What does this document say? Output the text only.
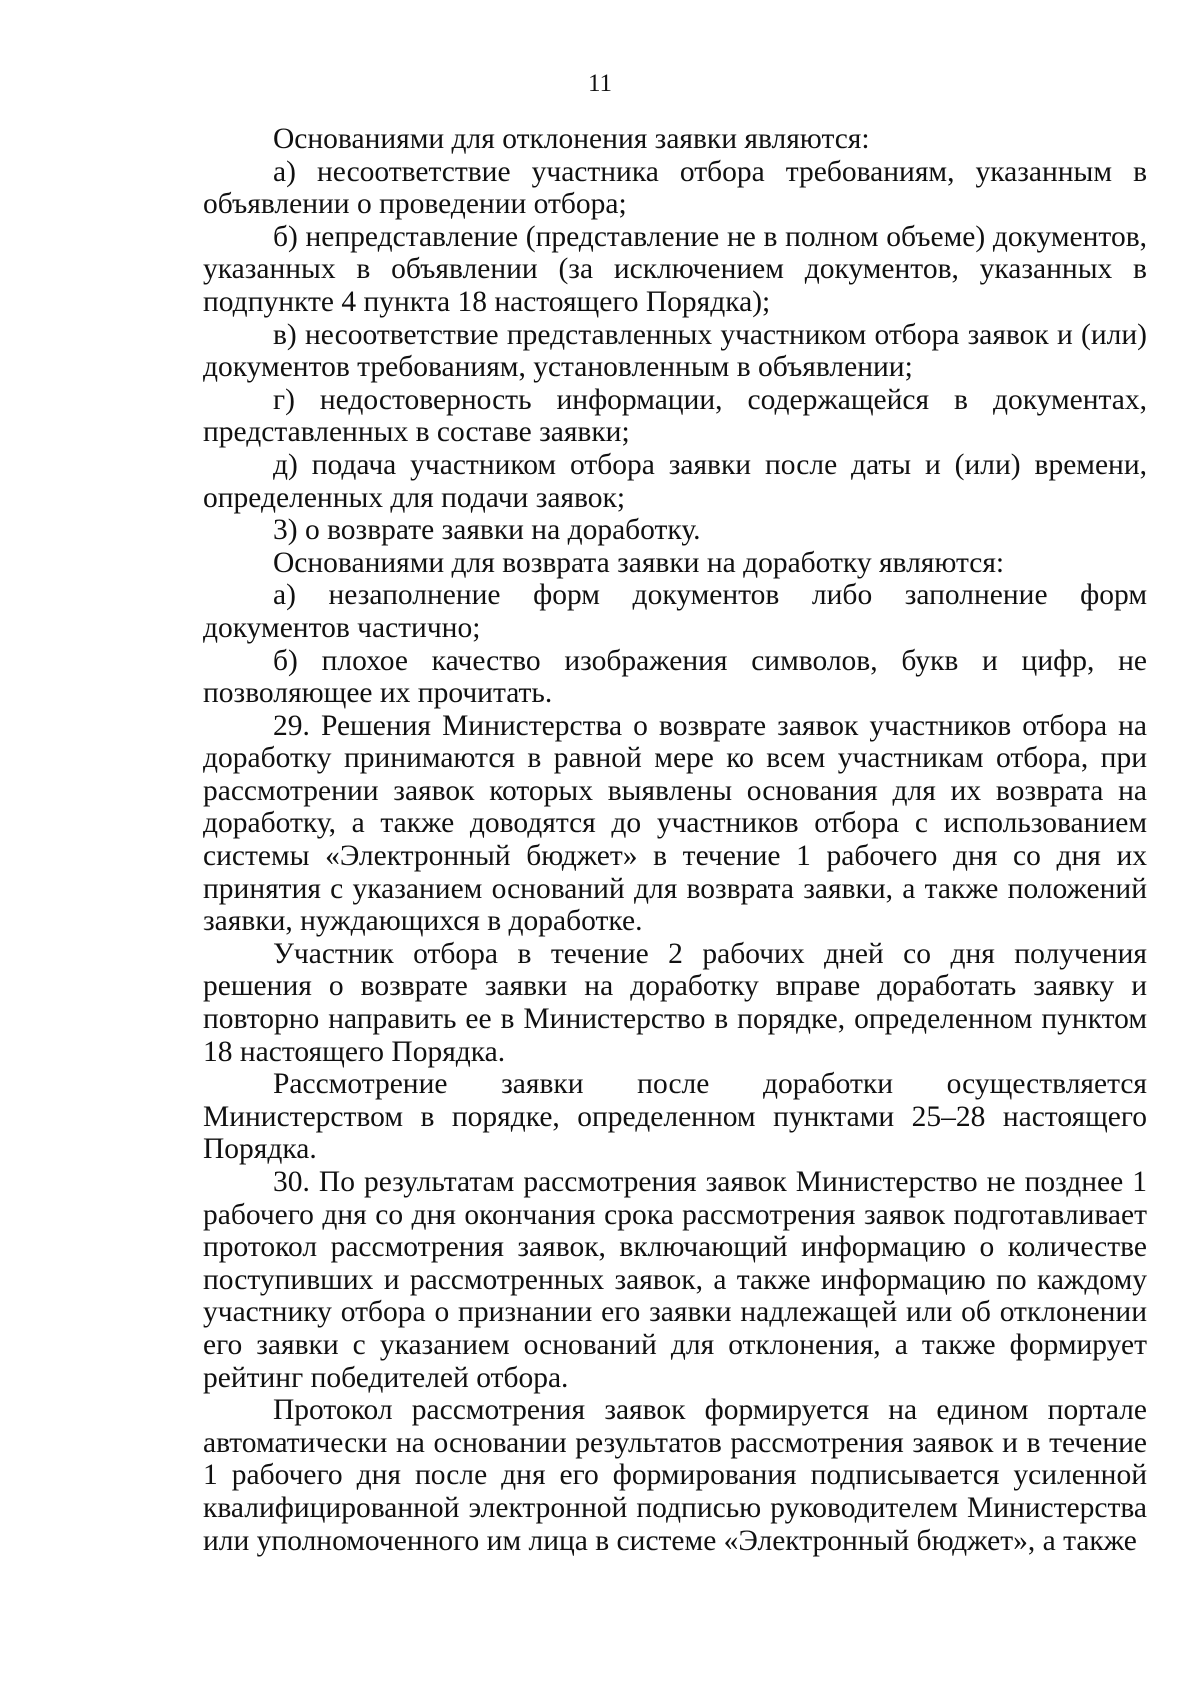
11

Основаниями для отклонения заявки являются:

а) несоответствие участника отбора требованиям, указанным в объявлении о проведении отбора;

б) непредставление (представление не в полном объеме) документов, указанных в объявлении (за исключением документов, указанных в подпункте 4 пункта 18 настоящего Порядка);

в) несоответствие представленных участником отбора заявок и (или) документов требованиям, установленным в объявлении;

г) недостоверность информации, содержащейся в документах, представленных в составе заявки;

д) подача участником отбора заявки после даты и (или) времени, определенных для подачи заявок;

3) о возврате заявки на доработку.

Основаниями для возврата заявки на доработку являются:

а) незаполнение форм документов либо заполнение форм документов частично;

б) плохое качество изображения символов, букв и цифр, не позволяющее их прочитать.

29. Решения Министерства о возврате заявок участников отбора на доработку принимаются в равной мере ко всем участникам отбора, при рассмотрении заявок которых выявлены основания для их возврата на доработку, а также доводятся до участников отбора с использованием системы «Электронный бюджет» в течение 1 рабочего дня со дня их принятия с указанием оснований для возврата заявки, а также положений заявки, нуждающихся в доработке.

Участник отбора в течение 2 рабочих дней со дня получения решения о возврате заявки на доработку вправе доработать заявку и повторно направить ее в Министерство в порядке, определенном пунктом 18 настоящего Порядка.

Рассмотрение заявки после доработки осуществляется Министерством в порядке, определенном пунктами 25–28 настоящего Порядка.

30. По результатам рассмотрения заявок Министерство не позднее 1 рабочего дня со дня окончания срока рассмотрения заявок подготавливает протокол рассмотрения заявок, включающий информацию о количестве поступивших и рассмотренных заявок, а также информацию по каждому участнику отбора о признании его заявки надлежащей или об отклонении его заявки с указанием оснований для отклонения, а также формирует рейтинг победителей отбора.

Протокол рассмотрения заявок формируется на едином портале автоматически на основании результатов рассмотрения заявок и в течение 1 рабочего дня после дня его формирования подписывается усиленной квалифицированной электронной подписью руководителем Министерства или уполномоченного им лица в системе «Электронный бюджет», а также
